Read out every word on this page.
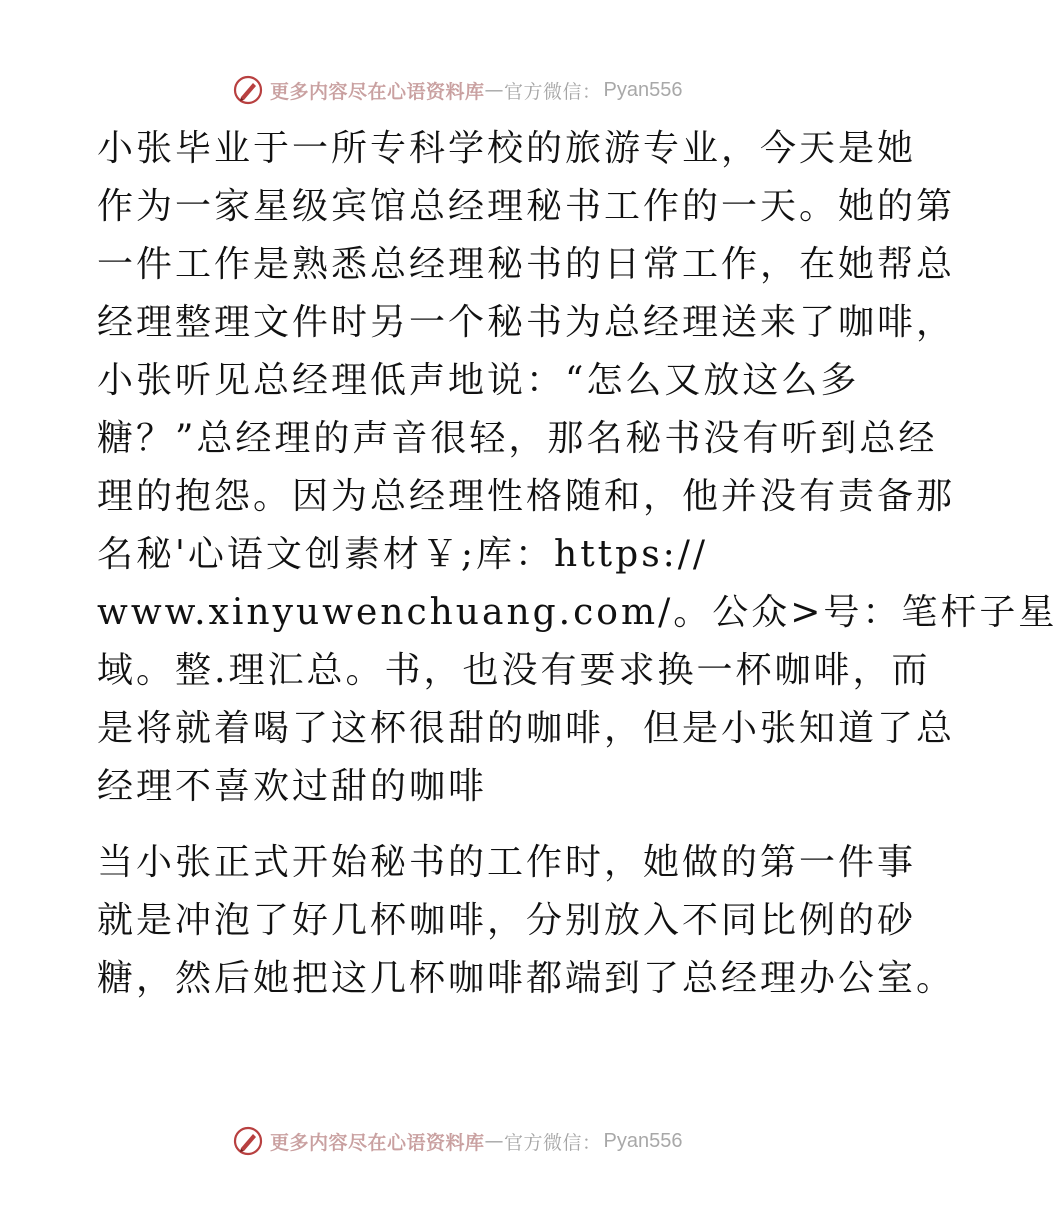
更多内容尽在心语资料库 — 官方微信： Pyan556
小张毕业于一所专科学校的旅游专业，今天是她
作为一家星级宾馆总经理秘书工作的一天。她的第
一件工作是熟悉总经理秘书的日常工作，在她帮总
经理整理文件时另一个秘书为总经理送来了咖啡，
小张听见总经理低声地说：“怎么又放这么多
糖？”总经理的声音很轻，那名秘书没有听到总经
理的抱怨。因为总经理性格随和，他并没有责备那
名秘'心语文创素材￥;库：https://
www.xinyuwenchuang.com/。公众>号：笔杆子星
域。整.理汇总。书，也没有要求换一杯咖啡，而
是将就着喝了这杯很甜的咖啡，但是小张知道了总
经理不喜欢过甜的咖啡
当小张正式开始秘书的工作时，她做的第一件事
就是冲泡了好几杯咖啡，分别放入不同比例的砂
糖，然后她把这几杯咖啡都端到了总经理办公室。
更多内容尽在心语资料库 — 官方微信： Pyan556
